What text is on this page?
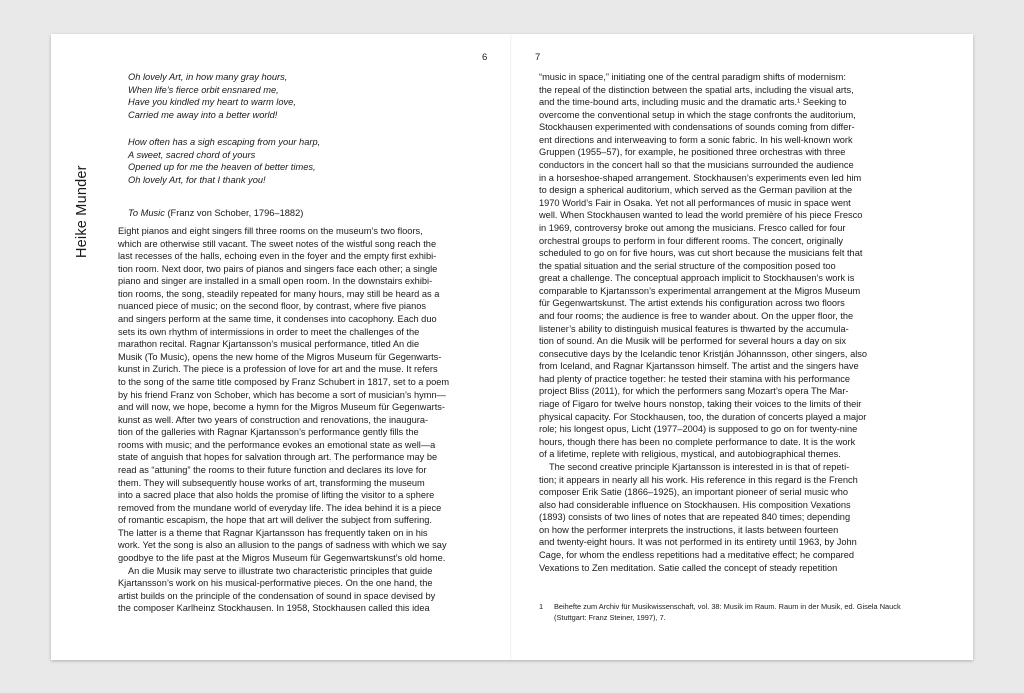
6	7
Heike Munder
Oh lovely Art, in how many gray hours,
When life’s fierce orbit ensnared me,
Have you kindled my heart to warm love,
Carried me away into a better world!
How often has a sigh escaping from your harp,
A sweet, sacred chord of yours
Opened up for me the heaven of better times,
Oh lovely Art, for that I thank you!
To Music (Franz von Schober, 1796–1882)
Eight pianos and eight singers fill three rooms on the museum’s two floors,
which are otherwise still vacant. The sweet notes of the wistful song reach the
last recesses of the halls, echoing even in the foyer and the empty first exhibi-
tion room. Next door, two pairs of pianos and singers face each other; a single
piano and singer are installed in a small open room. In the downstairs exhibi-
tion rooms, the song, steadily repeated for many hours, may still be heard as a
nuanced piece of music; on the second floor, by contrast, where five pianos
and singers perform at the same time, it condenses into cacophony. Each duo
sets its own rhythm of intermissions in order to meet the challenges of the
marathon recital. Ragnar Kjartansson’s musical performance, titled An die
Musik (To Music), opens the new home of the Migros Museum für Gegenwarts-
kunst in Zurich. The piece is a profession of love for art and the muse. It refers
to the song of the same title composed by Franz Schubert in 1817, set to a poem
by his friend Franz von Schober, which has become a sort of musician’s hymn—
and will now, we hope, become a hymn for the Migros Museum für Gegenwarts-
kunst as well. After two years of construction and renovations, the inaugura-
tion of the galleries with Ragnar Kjartansson’s performance gently fills the
rooms with music; and the performance evokes an emotional state as well—a
state of anguish that hopes for salvation through art. The performance may be
read as “attuning” the rooms to their future function and declares its love for
them. They will subsequently house works of art, transforming the museum
into a sacred place that also holds the promise of lifting the visitor to a sphere
removed from the mundane world of everyday life. The idea behind it is a piece
of romantic escapism, the hope that art will deliver the subject from suffering.
The latter is a theme that Ragnar Kjartansson has frequently taken on in his
work. Yet the song is also an allusion to the pangs of sadness with which we say
goodbye to the life past at the Migros Museum für Gegenwartskunst’s old home.
An die Musik may serve to illustrate two characteristic principles that guide
Kjartansson’s work on his musical-performative pieces. On the one hand, the
artist builds on the principle of the condensation of sound in space devised by
the composer Karlheinz Stockhausen. In 1958, Stockhausen called this idea
“music in space,” initiating one of the central paradigm shifts of modernism:
the repeal of the distinction between the spatial arts, including the visual arts,
and the time-bound arts, including music and the dramatic arts.¹ Seeking to
overcome the conventional setup in which the stage confronts the auditorium,
Stockhausen experimented with condensations of sounds coming from differ-
ent directions and interweaving to form a sonic fabric. In his well-known work
Gruppen (1955–57), for example, he positioned three orchestras with three
conductors in the concert hall so that the musicians surrounded the audience
in a horseshoe-shaped arrangement. Stockhausen’s experiments even led him
to design a spherical auditorium, which served as the German pavilion at the
1970 World’s Fair in Osaka. Yet not all performances of music in space went
well. When Stockhausen wanted to lead the world première of his piece Fresco
in 1969, controversy broke out among the musicians. Fresco called for four
orchestral groups to perform in four different rooms. The concert, originally
scheduled to go on for five hours, was cut short because the musicians felt that
the spatial situation and the serial structure of the composition posed too
great a challenge. The conceptual approach implicit to Stockhausen’s work is
comparable to Kjartansson’s experimental arrangement at the Migros Museum
für Gegenwartskunst. The artist extends his configuration across two floors
and four rooms; the audience is free to wander about. On the upper floor, the
listener’s ability to distinguish musical features is thwarted by the accumula-
tion of sound. An die Musik will be performed for several hours a day on six
consecutive days by the Icelandic tenor Kristján Jóhannsson, other singers, also
from Iceland, and Ragnar Kjartansson himself. The artist and the singers have
had plenty of practice together: he tested their stamina with his performance
project Bliss (2011), for which the performers sang Mozart’s opera The Mar-
riage of Figaro for twelve hours nonstop, taking their voices to the limits of their
physical capacity. For Stockhausen, too, the duration of concerts played a major
role; his longest opus, Licht (1977–2004) is supposed to go on for twenty-nine
hours, though there has been no complete performance to date. It is the work
of a lifetime, replete with religious, mystical, and autobiographical themes.
The second creative principle Kjartansson is interested in is that of repeti-
tion; it appears in nearly all his work. His reference in this regard is the French
composer Erik Satie (1866–1925), an important pioneer of serial music who
also had considerable influence on Stockhausen. His composition Vexations
(1893) consists of two lines of notes that are repeated 840 times; depending
on how the performer interprets the instructions, it lasts between fourteen
and twenty-eight hours. It was not performed in its entirety until 1963, by John
Cage, for whom the endless repetitions had a meditative effect; he compared
Vexations to Zen meditation. Satie called the concept of steady repetition
1 Beihefte zum Archiv für Musikwissenschaft, vol. 38: Musik im Raum. Raum in der Musik, ed. Gisela Nauck
(Stuttgart: Franz Steiner, 1997), 7.
